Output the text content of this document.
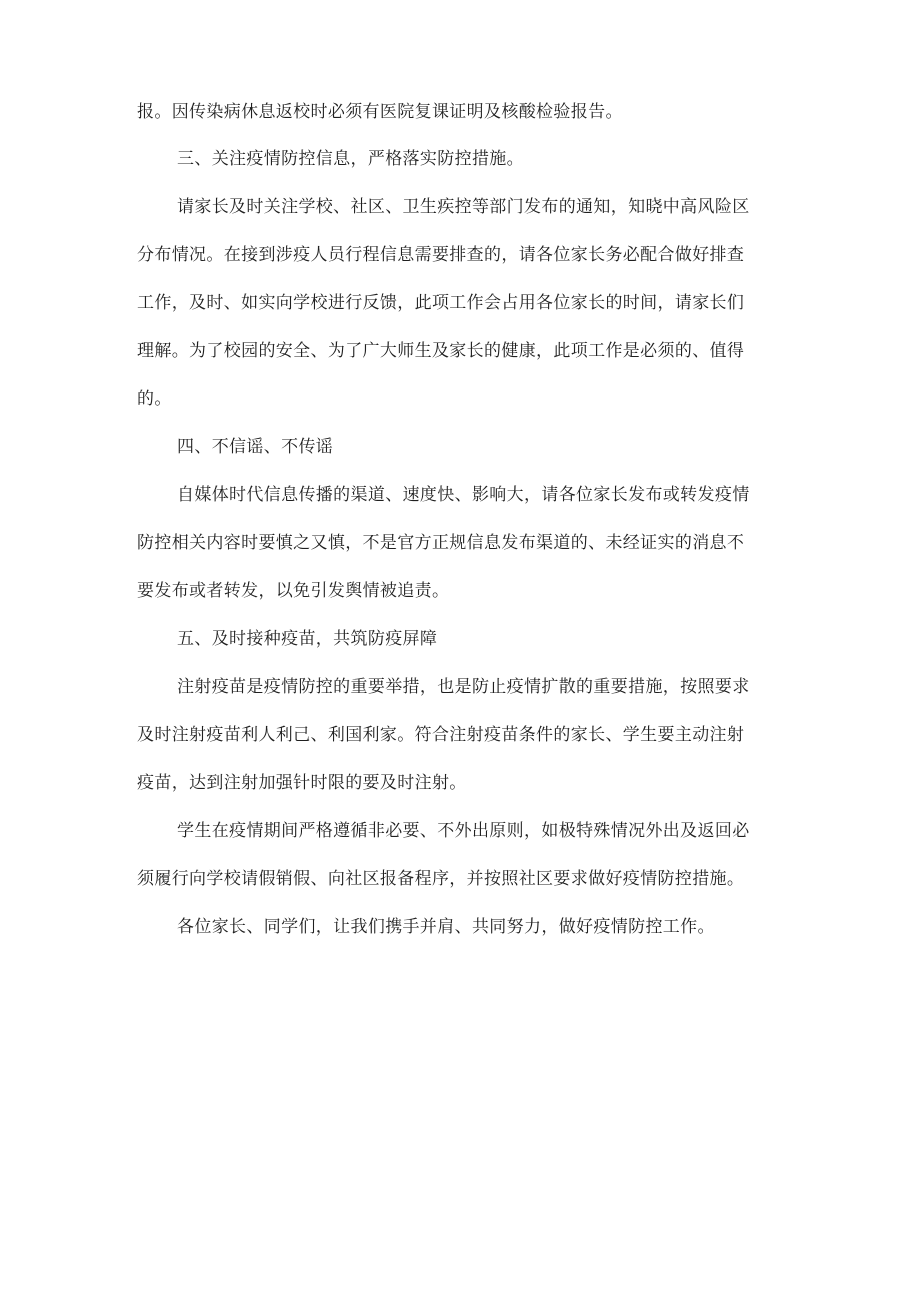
报。因传染病休息返校时必须有医院复课证明及核酸检验报告。

三、关注疫情防控信息，严格落实防控措施。

请家长及时关注学校、社区、卫生疾控等部门发布的通知，知晓中高风险区

分布情况。在接到涉疫人员行程信息需要排查的，请各位家长务必配合做好排查

工作，及时、如实向学校进行反馈，此项工作会占用各位家长的时间，请家长们

理解。为了校园的安全、为了广大师生及家长的健康，此项工作是必须的、值得

的。

四、不信谣、不传谣

自媒体时代信息传播的渠道、速度快、影响大，请各位家长发布或转发疫情

防控相关内容时要慎之又慎，不是官方正规信息发布渠道的、未经证实的消息不

要发布或者转发，以免引发舆情被追责。

五、及时接种疫苗，共筑防疫屏障

注射疫苗是疫情防控的重要举措，也是防止疫情扩散的重要措施，按照要求

及时注射疫苗利人利己、利国利家。符合注射疫苗条件的家长、学生要主动注射

疫苗，达到注射加强针时限的要及时注射。

学生在疫情期间严格遵循非必要、不外出原则，如极特殊情况外出及返回必

须履行向学校请假销假、向社区报备程序，并按照社区要求做好疫情防控措施。

各位家长、同学们，让我们携手并肩、共同努力，做好疫情防控工作。
